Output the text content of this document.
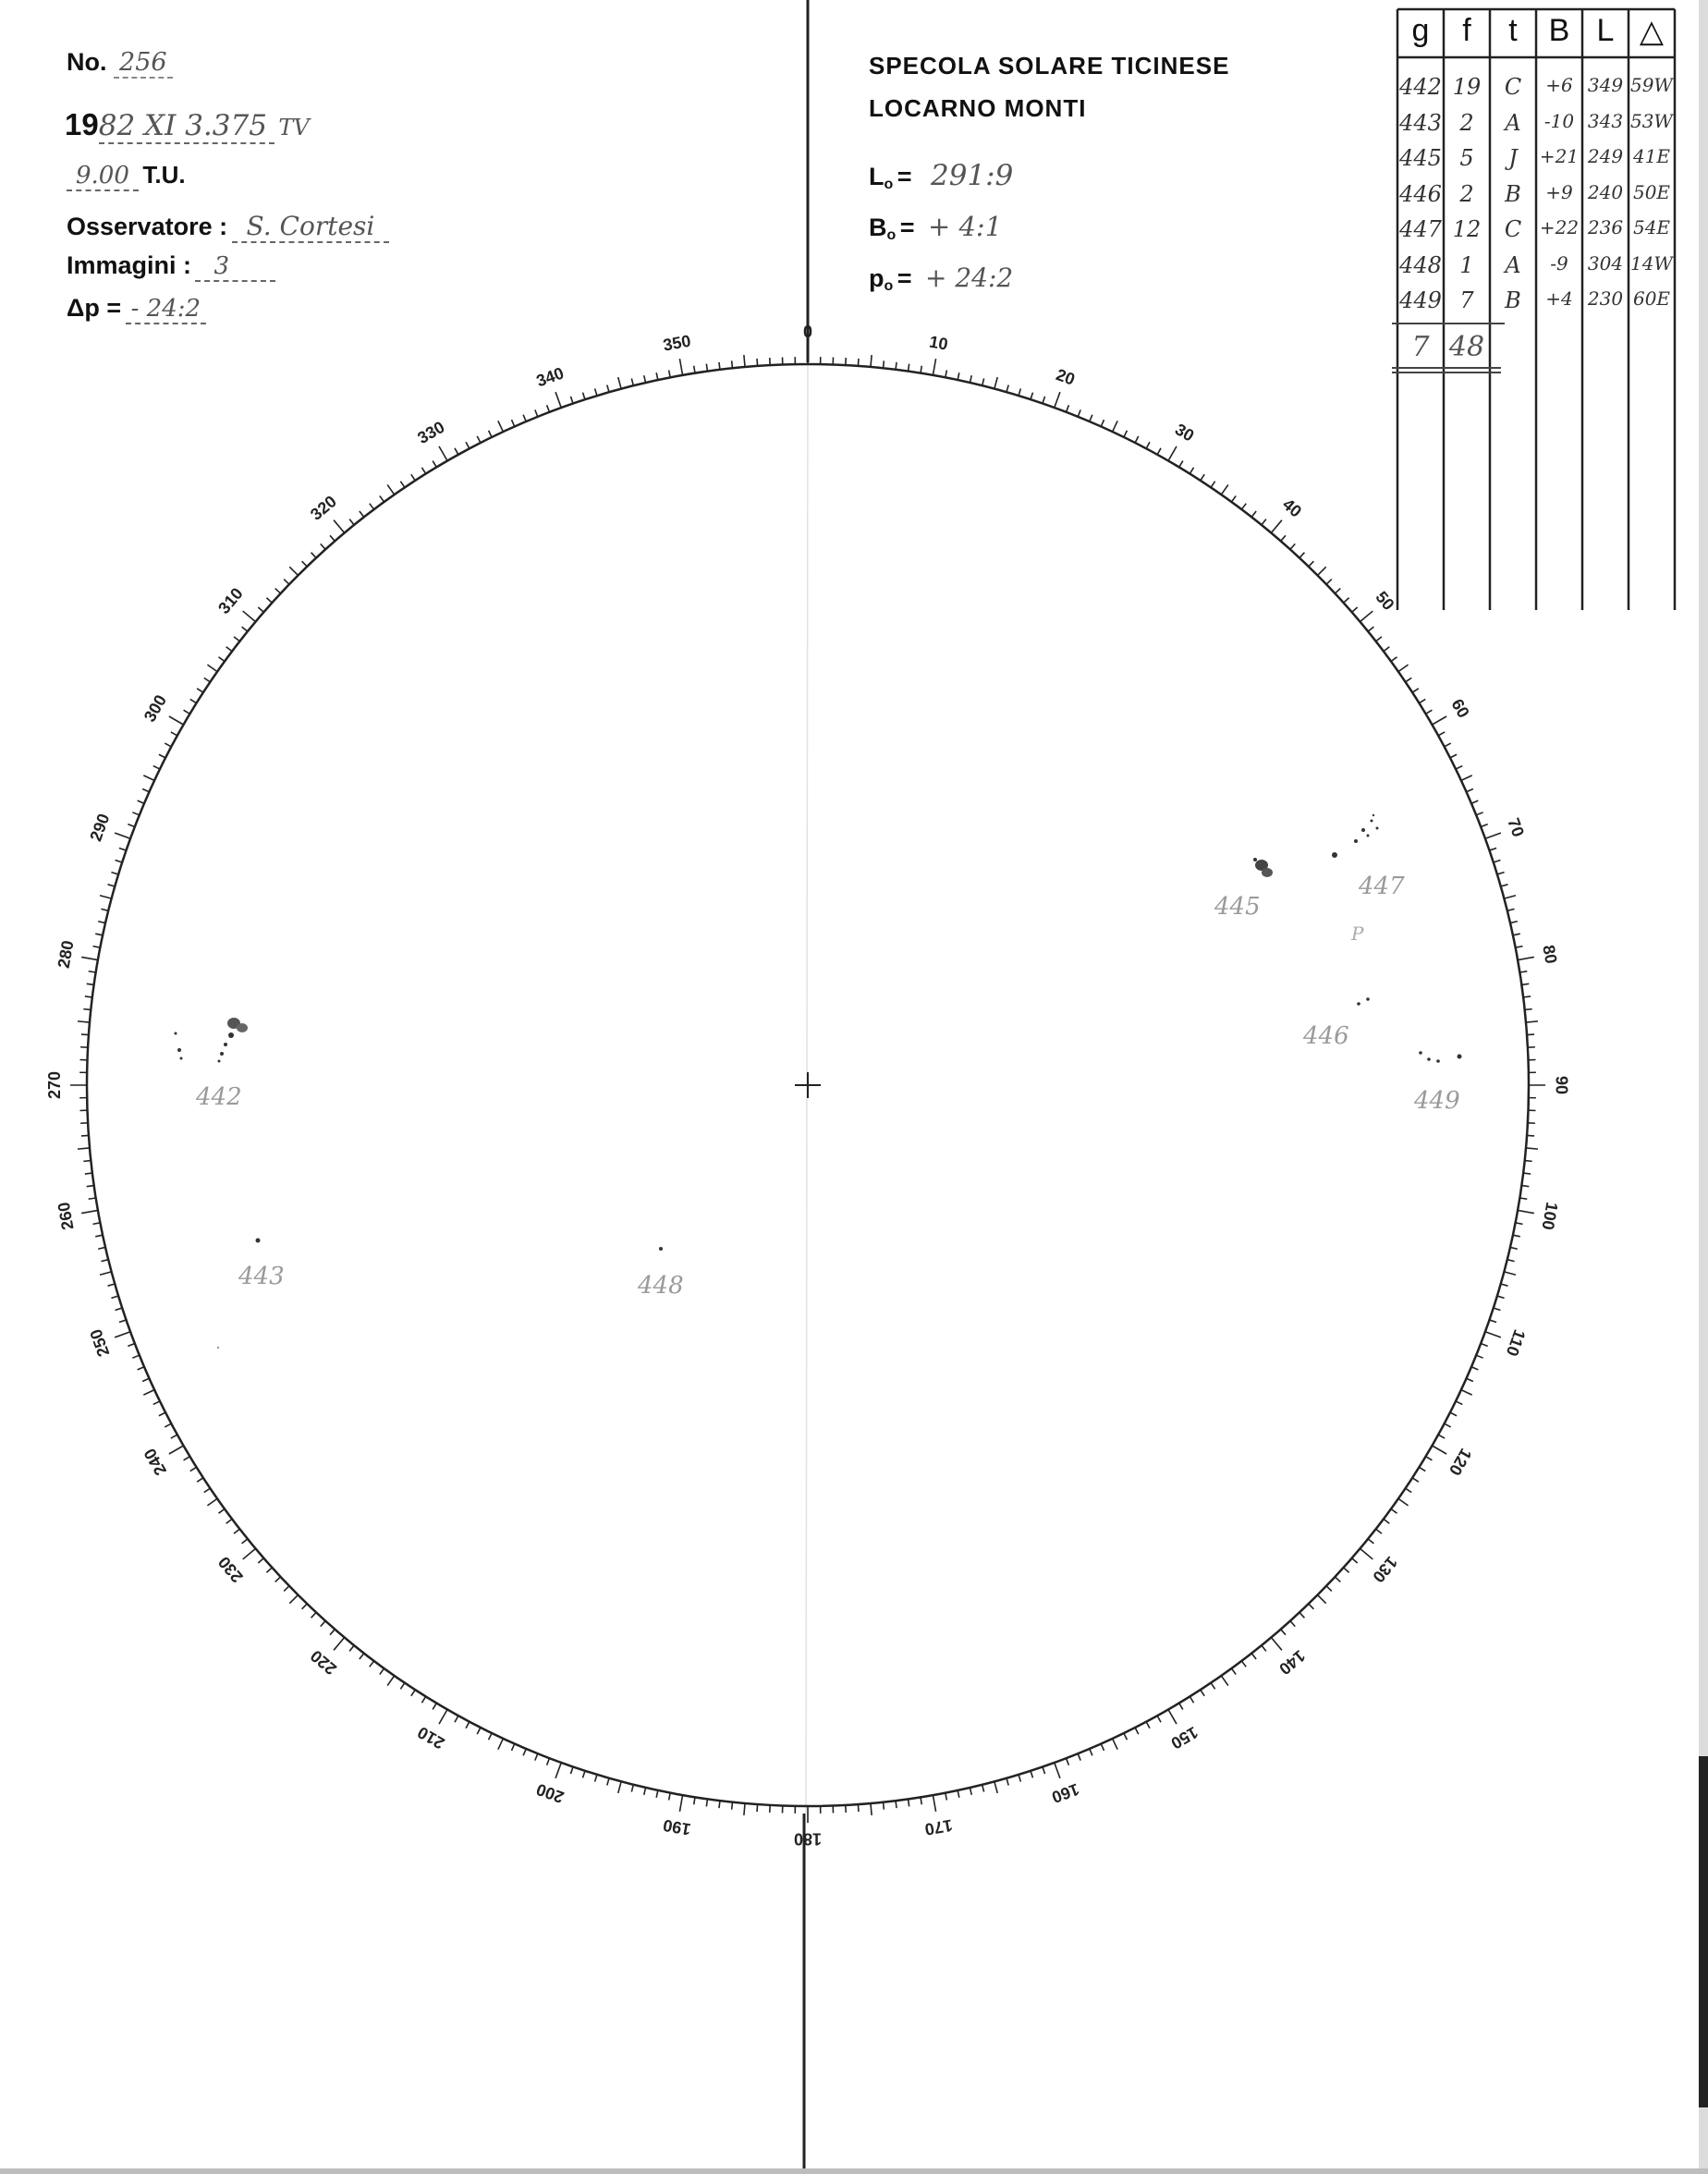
0
10
20
30
40
50
60
70
80
90
100
110
120
130
140
150
160
170
180
190
200
210
220
230
240
250
260
270
280
290
300
310
320
330
340
350
No. 256
1982 XI 3.375 TV
9.00 T.U.
Osservatore : S. Cortesi
Immagini : 3
Δp = - 24:2
SPECOLA SOLARE TICINESE
LOCARNO MONTI
$L_o$ = 291:9
$B_o$ = + 4:1
$p_o$ = + 24:2
g	f	t B L △
442 19	C	+6 349 59W
443 2	A	-10 343 53W
445 5	J	+21 249 41E
446 2	B	+9 240 50E
447 12	C +22 236 54E
448 1	A	-9	304 14W
449 7	B	+4 230 60E
7 48
442
443
445
446
447
448
449
P
